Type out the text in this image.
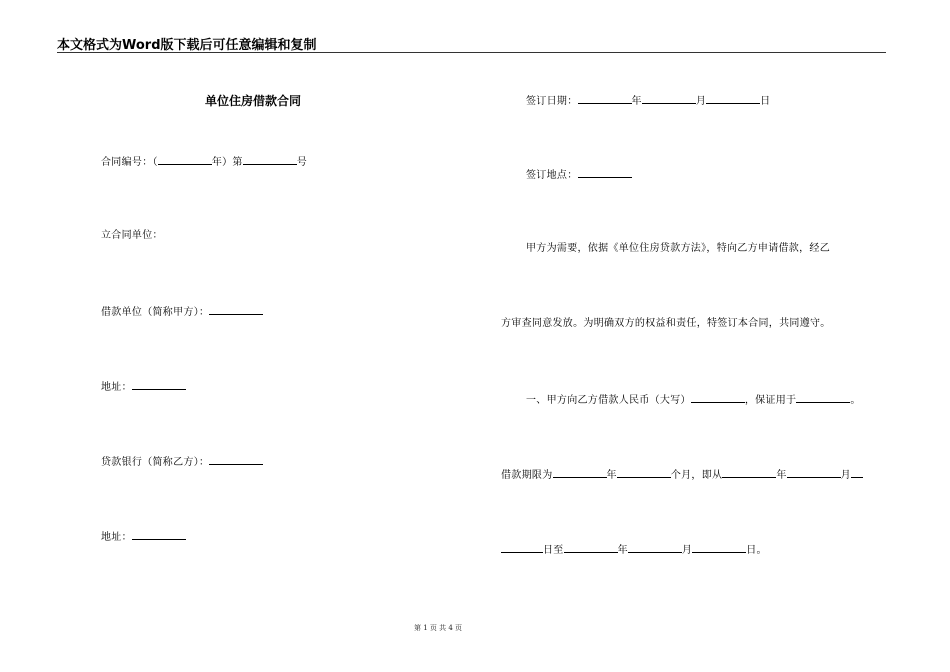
本文格式为Word版下载后可任意编辑和复制
单位住房借款合同
合同编号：（	年）第	号
立合同单位：
借款单位（简称甲方）：
地址：
贷款银行（简称乙方）：
地址：
签订日期：	年	月	日
签订地点：
甲方为需要，依据《单位住房贷款方法》，特向乙方申请借款，经乙
方审查同意发放。为明确双方的权益和责任，特签订本合同，共同遵守。
一、甲方向乙方借款人民币（大写）	，保证用于	。
借款期限为	年	个月，即从	年	月
日至	年	月	日。
第 1 页 共 4 页
